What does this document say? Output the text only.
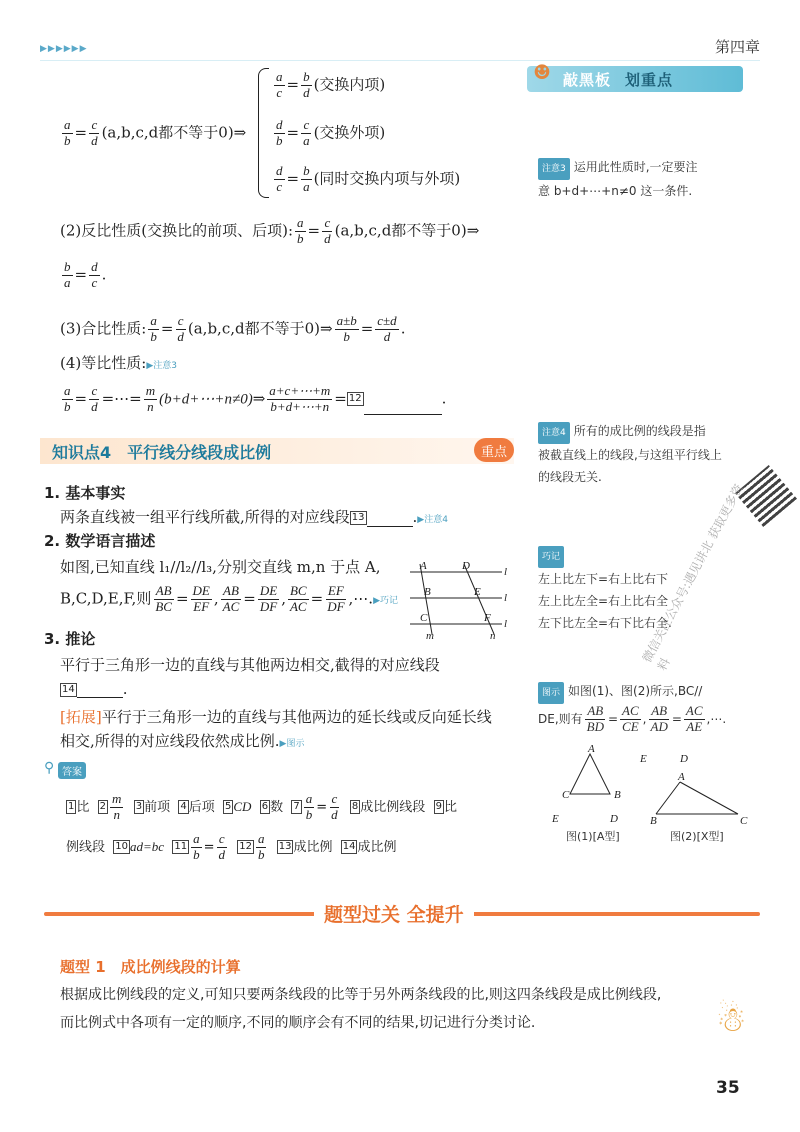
▶▶▶▶▶▶	第四章
敲黑板 划重点
☻
$\frac{a}{b} = \frac{c}{d} (a,b,c,d$都不等于0)⇒
$\frac{a}{c} = \frac{b}{d}$ (交换内项)
$\frac{d}{b} = \frac{c}{a}$ (交换外项)
$\frac{d}{c} = \frac{b}{a}$ (同时交换内项与外项)
(2)反比性质(交换比的前项、后项): $\frac{a}{b} = \frac{c}{d} (a,b,c,d$都不等于0)⇒
$\frac{b}{a} = \frac{d}{c}$ .
(3)合比性质: $\frac{a}{b} = \frac{c}{d} (a,b,c,d$都不等于0)⇒ $\frac{a\pm b}{b} = \frac{c\pm d}{d}$ .
(4)等比性质:▶注意3
$\frac{a}{b} = \frac{c}{d}$ =⋯= $\frac{m}{n}$ (b+d+⋯+n≠0)⇒ $\frac{a+c+\cdots+m}{b+d+\cdots+n} = 12$	.
知识点4　平行线分线段成比例	重点
1. 基本事实
两条直线被一组平行线所截,所得的对应线段 13	.▶注意4
2. 数学语言描述
如图,已知直线 l₁//l₂//l₃,分别交直线 m,n 于点 A,
B,C,D,E,F,则 $\frac{AB}{BC} = \frac{DE}{EF}$ , $\frac{AB}{AC} = \frac{DE}{DF}$ , $\frac{BC}{AC} = \frac{EF}{DF}$ ,⋯.▶巧记
A	D
B	E
C	F
m	n
l
l
l
3. 推论
平行于三角形一边的直线与其他两边相交,截得的对应线段
14	.
[拓展]平行于三角形一边的直线与其他两边的延长线或反向延长线
相交,所得的对应线段依然成比例.▶图示
⚲ 答案
1 比 $2 \frac{m}{n} 3$ 前项 4 后项 5 CD 6 数 $7 \frac{a}{b} = \frac{c}{d} 8$ 成比例线段 9 比
例线段 10 ad=bc $11 \frac{a}{b} = \frac{c}{d} 12 \frac{a}{b} 13$ 成比例 14 成比例
注意3 运用此性质时,一定要注
意 b+d+⋯+n≠0 这一条件.
注意4 所有的成比例的线段是指
被截直线上的线段,与这组平行线上
的线段无关.
巧记
左上比左下=右上比右下
左上比左全=右上比右全
左下比左全=右下比右全.
微信关注公众号:遇见讲北 获取更多资料
图示 如图(1)、图(2)所示,BC//
DE,则有 $\frac{AB}{BD} = \frac{AC}{CE}$ , $\frac{AB}{AD} = \frac{AC}{AE}$ ,⋯.
A
C	B
E	D
A
E	D	B	C
图(1)[A型]	图(2)[X型]
题型过关 全提升
题型 1　成比例线段的计算
根据成比例线段的定义,可知只要两条线段的比等于另外两条线段的比,则这四条线段是成比例线段,
而比例式中各项有一定的顺序,不同的顺序会有不同的结果,切记进行分类讨论.	☃
35
